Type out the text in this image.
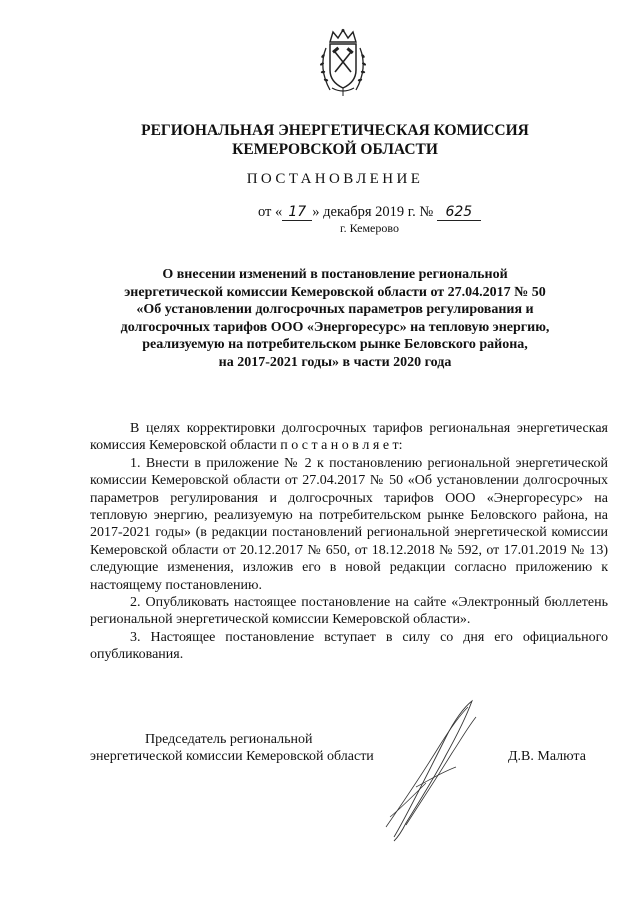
РЕГИОНАЛЬНАЯ ЭНЕРГЕТИЧЕСКАЯ КОМИССИЯ
КЕМЕРОВСКОЙ ОБЛАСТИ
ПОСТАНОВЛЕНИЕ
от « 17 » декабря 2019 г. № 625
г. Кемерово
О внесении изменений в постановление региональной
энергетической комиссии Кемеровской области от 27.04.2017 № 50
«Об установлении долгосрочных параметров регулирования и
долгосрочных тарифов ООО «Энергоресурс» на тепловую энергию,
реализуемую на потребительском рынке Беловского района,
на 2017-2021 годы» в части 2020 года

В целях корректировки долгосрочных тарифов региональная энергетическая комиссия Кемеровской области п о с т а н о в л я е т:

1. Внести в приложение № 2 к постановлению региональной энергетической комиссии Кемеровской области от 27.04.2017 № 50 «Об установлении долгосрочных параметров регулирования и долгосрочных тарифов ООО «Энергоресурс» на тепловую энергию, реализуемую на потребительском рынке Беловского района, на 2017-2021 годы» (в редакции постановлений региональной энергетической комиссии Кемеровской области от 20.12.2017 № 650, от 18.12.2018 № 592, от 17.01.2019 № 13) следующие изменения, изложив его в новой редакции согласно приложению к настоящему постановлению.

2. Опубликовать настоящее постановление на сайте «Электронный бюллетень региональной энергетической комиссии Кемеровской области».

3. Настоящее постановление вступает в силу со дня его официального опубликования.

Председатель региональной
энергетической комиссии Кемеровской области	Д.В. Малюта
